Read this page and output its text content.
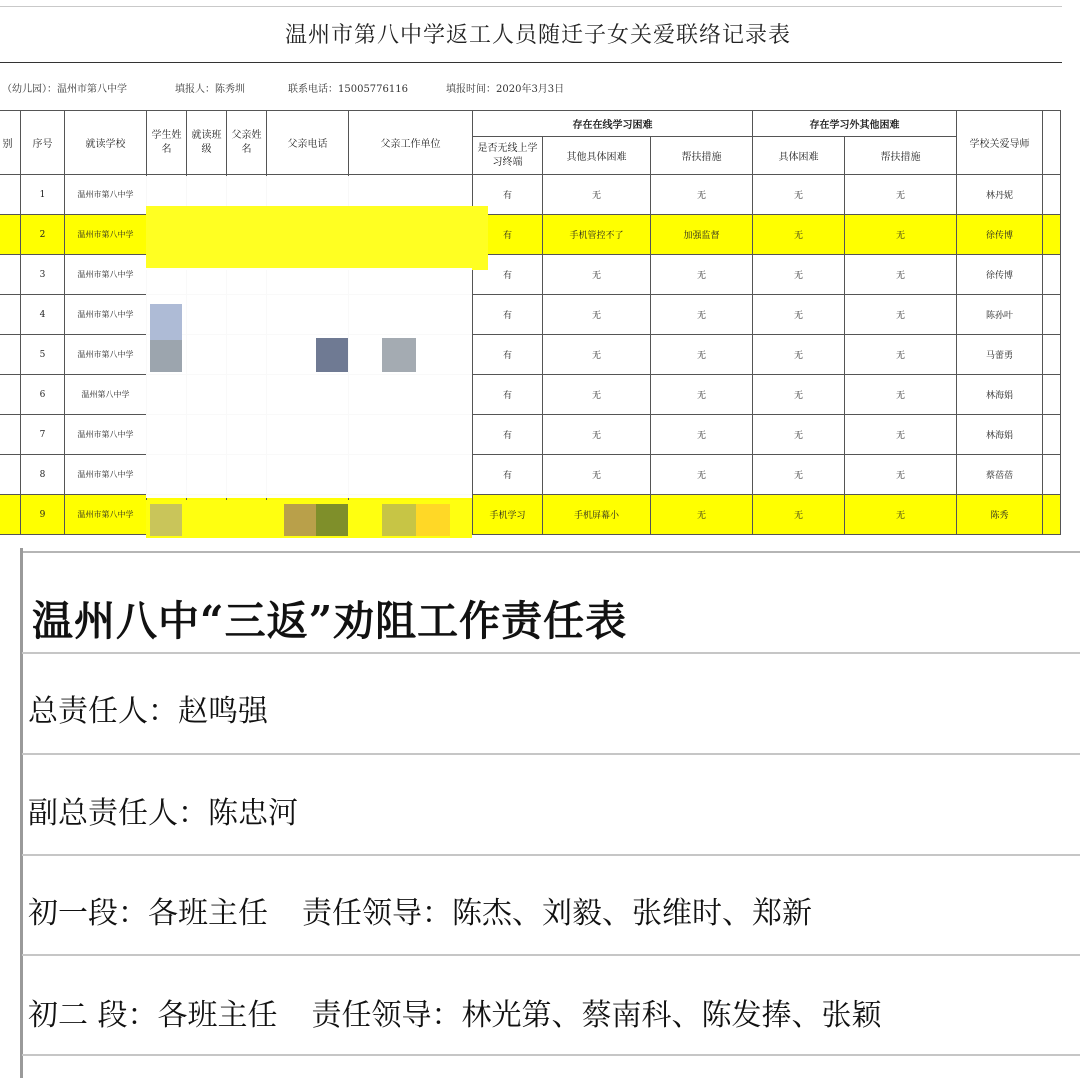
温州市第八中学返工人员随迁子女关爱联络记录表
（幼儿园）：温州市第八中学	填报人：陈秀圳	联系电话：15005776116	填报时间：2020年3月3日
别	序号	就读学校	学生姓名	就读班级	父亲姓名	父亲电话	父亲工作单位	存在在线学习困难			存在学习外其他困难		学校关爱导师	
								是否无线上学习终端	其他具体困难	帮扶措施	具体困难	帮扶措施		
	1	温州市第八中学						有	无	无	无	无	林丹妮	
	2	温州市第八中学						有	手机管控不了	加强监督	无	无	徐传博	
	3	温州市第八中学						有	无	无	无	无	徐传博	
	4	温州市第八中学						有	无	无	无	无	陈孙叶	
	5	温州市第八中学						有	无	无	无	无	马蕾勇	
	6	温州第八中学						有	无	无	无	无	林海娟	
	7	温州市第八中学						有	无	无	无	无	林海娟	
	8	温州市第八中学						有	无	无	无	无	蔡蓓蓓	
	9	温州市第八中学						手机学习	手机屏幕小	无	无	无	陈秀	
温州八中“三返”劝阻工作责任表
总责任人：赵鸣强
副总责任人：陈忠河
初一段：各班主任 责任领导：陈杰、刘毅、张维时、郑新
初二 段：各班主任 责任领导：林光第、蔡南科、陈发捧、张颖
